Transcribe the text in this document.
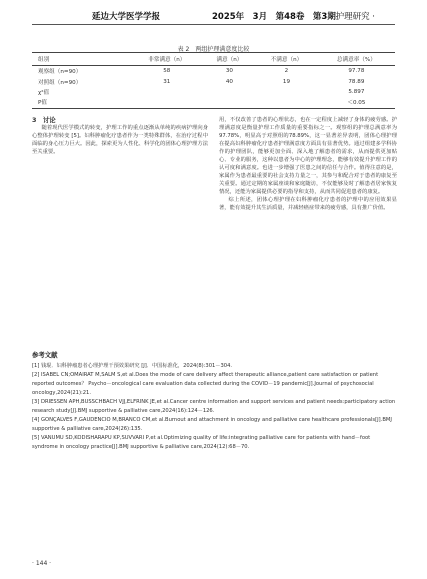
延边大学医学学报	2025年　3月　第48卷　第3期
· 护理研究 ·
表 2　两组护理满意度比较
组别	非常满意（n）	满意（n）	不满意（n）	总满意率（%）
观察组（n=90）	58	30	2	97.78
对照组（n=90）	31	40	19	78.89
χ²值				5.897
P值				＜0.05
3　讨论

随着现代医学模式的转变，护理工作的重点逐渐从单纯的疾病护理向身心整体护理转变 [5]。妇科肿瘤化疗患者作为一类特殊群体，在治疗过程中面临的身心压力巨大。因此，探索更为人性化、科学化的团体心理护理方法至关重要。

用，不仅改善了患者的心理状态，也在一定程度上减轻了身体的疲劳感。护理满意度是衡量护理工作质量的重要指标之一。观察组的护理总满意率为97.78%，明显高于对照组的78.89%，这一显著差异表明，团体心理护理在提高妇科肿瘤化疗患者护理满意度方面具有显著优势。通过组建多学科协作的护理团队，能够更加全面、深入地了解患者的需求，从而提供更加贴心、专业的服务，这种以患者为中心的护理理念，能够有效提升护理工作的认可度和满意度。也进一步增强了医患之间的信任与合作。值得注意的是，家属作为患者最重要的社会支持力量之一，其参与和配合对于患者的康复至关重要。通过定期的家属座谈和家庭随访，不仅能够及时了解患者居家恢复情况，还能为家属提供必要的指导和支持，从而共同促进患者的康复。

综上所述，团体心理护理在妇科肿瘤化疗患者的护理中的应用效果显著，能有效提升其生活质量，并减轻癌症带来的疲劳感，具有推广价值。

参考文献
[1] 钱琨．妇科肿瘤患者心理护理干预效果研究 [J]．中国标准化，2024(8):301－304.
[2] ISABEL CN;OMAIRAT M,SALM S,et al.Does the mode of care delivery affect therapeutic alliance,patient care satisfaction or patient reported outcomes？ Psycho－oncological care evaluation data collected during the COVID－19 pandemic[J].Journal of psychosocial oncology,2024(21):21.
[3] DRIESSEN APH,BUSSCHBACH VJJ,ELFRINK JE,et al.Cancer centre information and support services and patient needs:participatory action research study[J].BMJ supportive & palliative care,2024(16):124－126.
[4] GONÇALVES F,GAUDENCIO M,BRANCO CM,et al.Burnout and attachment in oncology and palliative care healthcare professionals[J].BMJ supportive & palliative care,2024(26):135.
[5] VANUMU SD,KODISHARAPU KP,SUVVARI P,et al.Optimizing quality of life:integrating palliative care for patients with hand－foot syndrome in oncology practice[J].BMJ supportive & palliative care,2024(12):68－70.
· 144 ·
